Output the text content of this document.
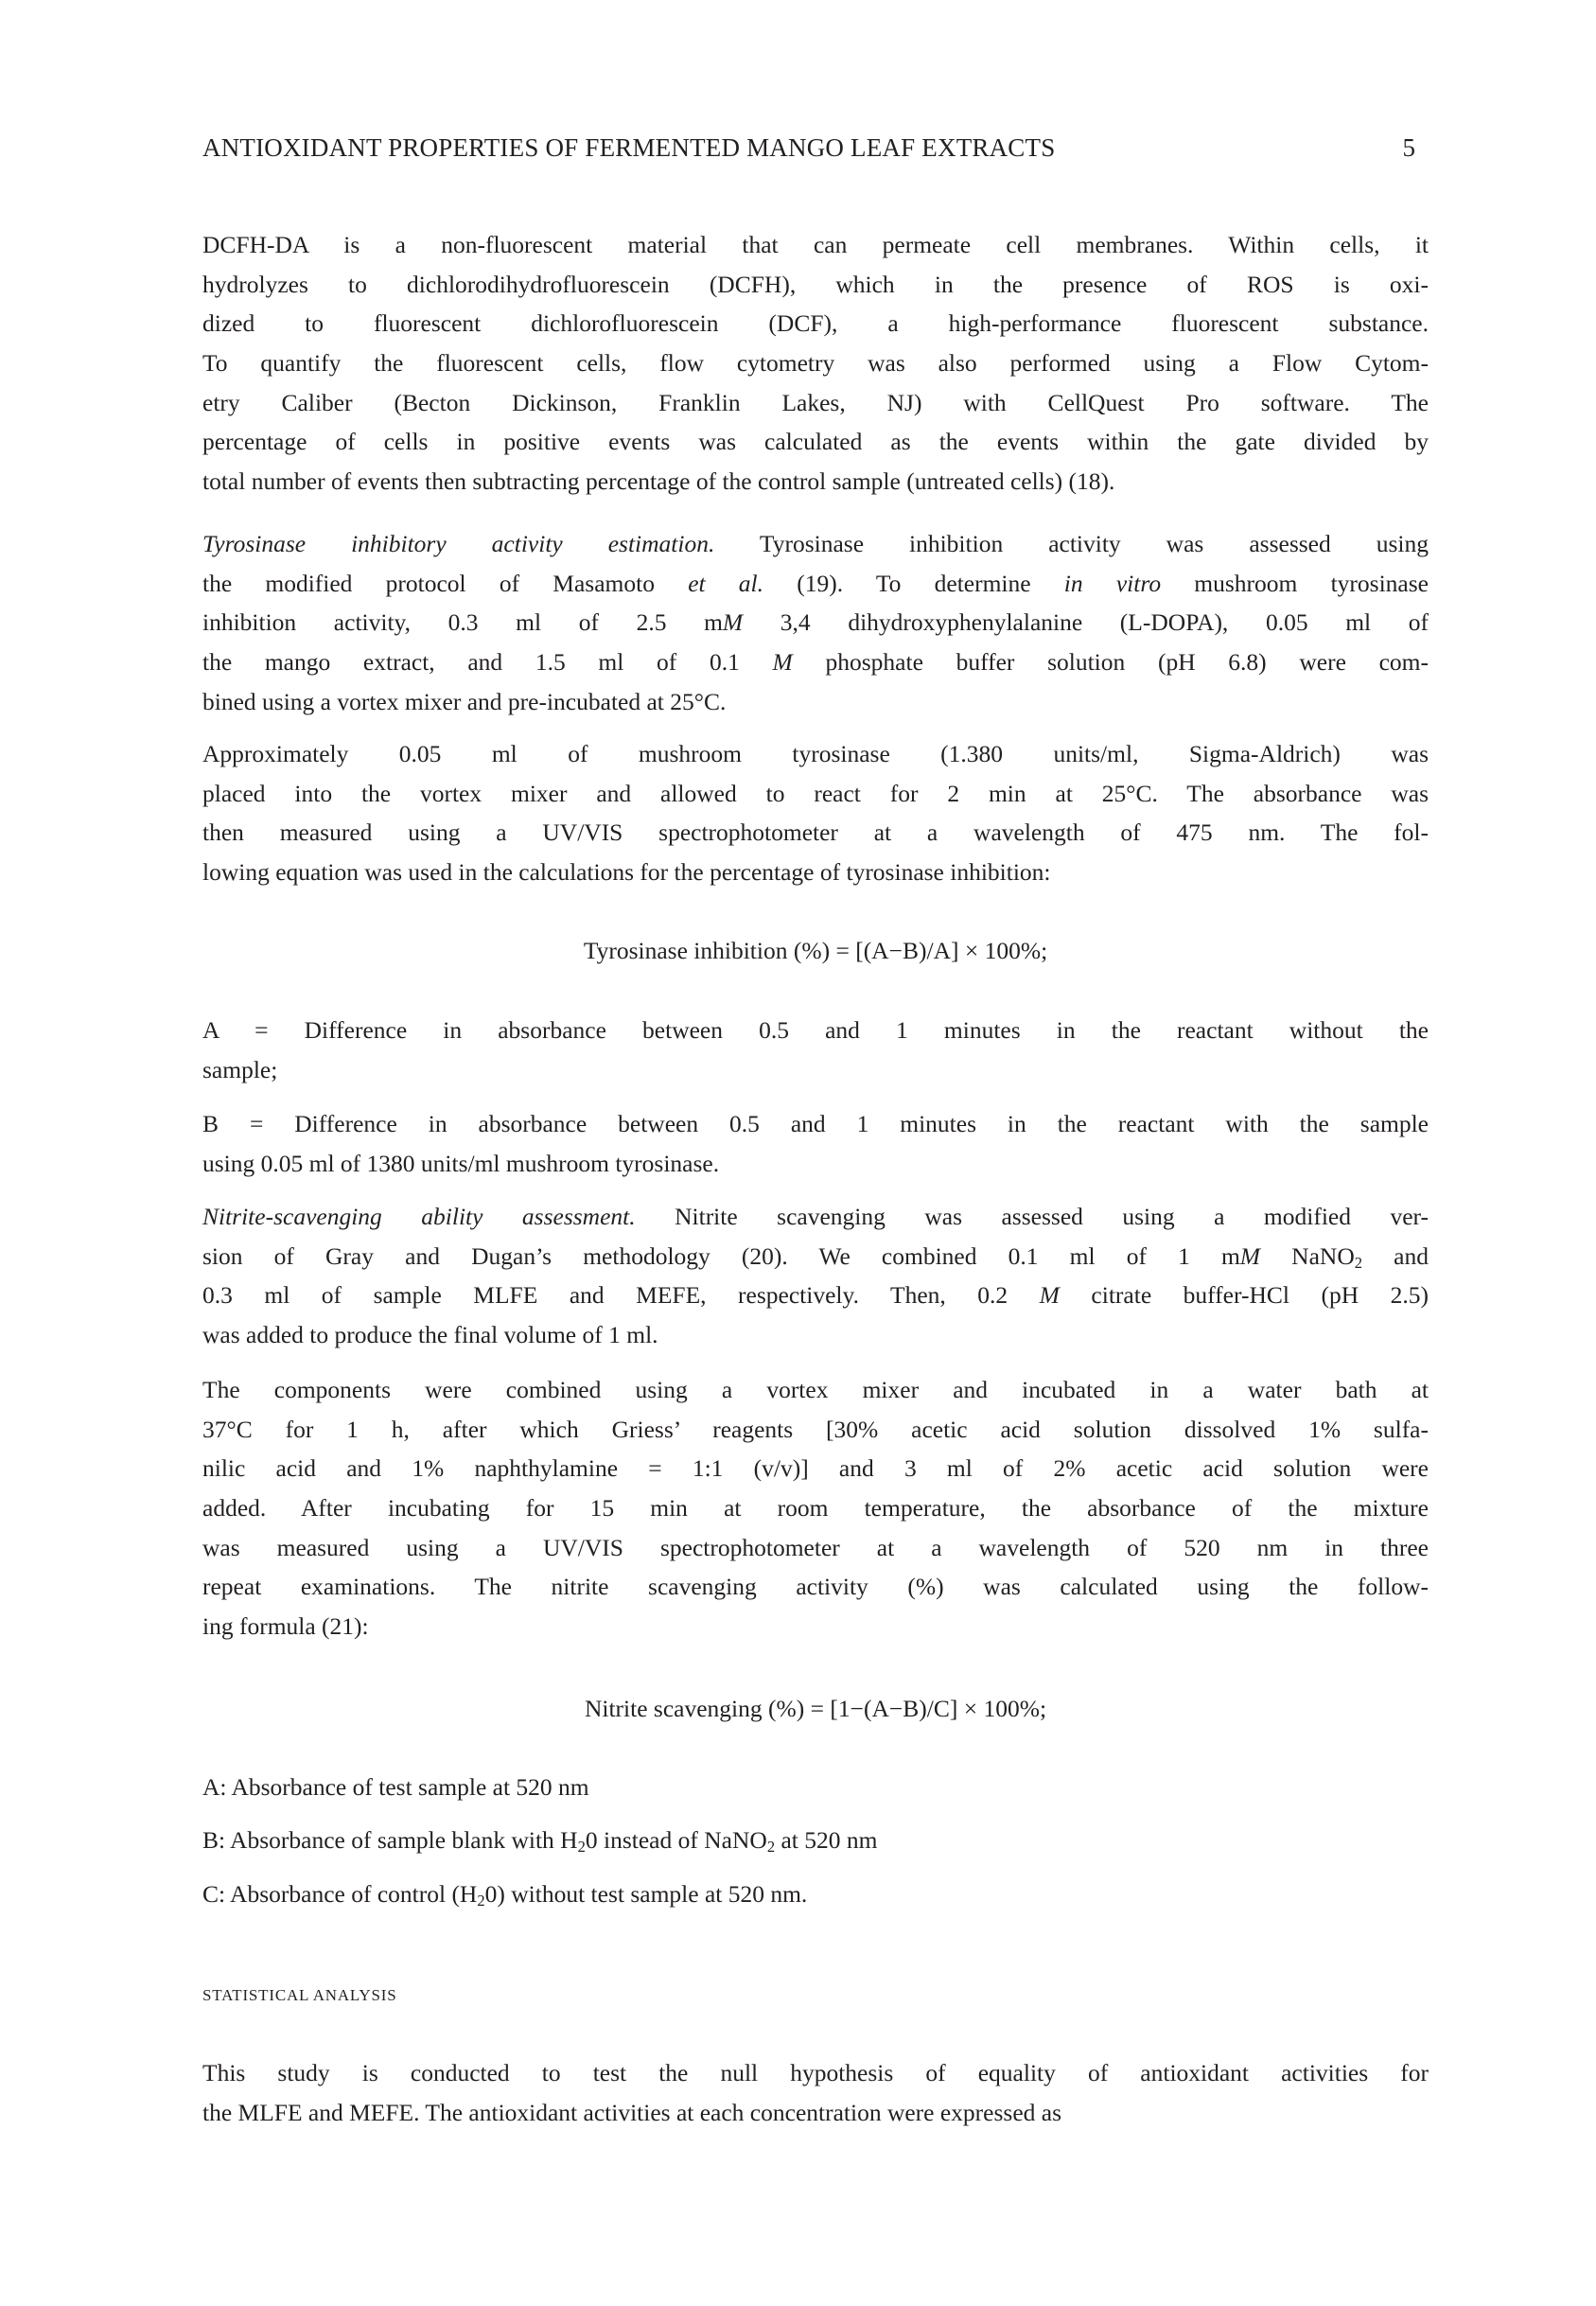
ANTIOXIDANT PROPERTIES OF FERMENTED MANGO LEAF EXTRACTS	5
DCFH-DA is a non-fluorescent material that can permeate cell membranes. Within cells, it
hydrolyzes to dichlorodihydrofluorescein (DCFH), which in the presence of ROS is oxi-
dized to fluorescent dichlorofluorescein (DCF), a high-performance fluorescent substance.
To quantify the fluorescent cells, flow cytometry was also performed using a Flow Cytom-
etry Caliber (Becton Dickinson, Franklin Lakes, NJ) with CellQuest Pro software. The
percentage of cells in positive events was calculated as the events within the gate divided by
total number of events then subtracting percentage of the control sample (untreated cells) (18).
Tyrosinase inhibitory activity estimation. Tyrosinase inhibition activity was assessed using
the modified protocol of Masamoto et al. (19). To determine in vitro mushroom tyrosinase
inhibition activity, 0.3 ml of 2.5 mM 3,4 dihydroxyphenylalanine (L-DOPA), 0.05 ml of
the mango extract, and 1.5 ml of 0.1 M phosphate buffer solution (pH 6.8) were com-
bined using a vortex mixer and pre-incubated at 25°C.
Approximately 0.05 ml of mushroom tyrosinase (1.380 units/ml, Sigma-Aldrich) was
placed into the vortex mixer and allowed to react for 2 min at 25°C. The absorbance was
then measured using a UV/VIS spectrophotometer at a wavelength of 475 nm. The fol-
lowing equation was used in the calculations for the percentage of tyrosinase inhibition:
Tyrosinase inhibition (%) = [(A−B)/A] × 100%;
A = Difference in absorbance between 0.5 and 1 minutes in the reactant without the
sample;
B = Difference in absorbance between 0.5 and 1 minutes in the reactant with the sample
using 0.05 ml of 1380 units/ml mushroom tyrosinase.
Nitrite-scavenging ability assessment. Nitrite scavenging was assessed using a modified ver-
sion of Gray and Dugan’s methodology (20). We combined 0.1 ml of 1 mM NaNO$_2$ and
0.3 ml of sample MLFE and MEFE, respectively. Then, 0.2 M citrate buffer-HCl (pH 2.5)
was added to produce the final volume of 1 ml.
The components were combined using a vortex mixer and incubated in a water bath at
37°C for 1 h, after which Griess’ reagents [30% acetic acid solution dissolved 1% sulfa-
nilic acid and 1% naphthylamine = 1:1 (v/v)] and 3 ml of 2% acetic acid solution were
added. After incubating for 15 min at room temperature, the absorbance of the mixture
was measured using a UV/VIS spectrophotometer at a wavelength of 520 nm in three
repeat examinations. The nitrite scavenging activity (%) was calculated using the follow-
ing formula (21):
Nitrite scavenging (%) = [1−(A−B)/C] × 100%;
A: Absorbance of test sample at 520 nm
B: Absorbance of sample blank with $H_20$ instead of NaNO$_2$ at 520 nm
C: Absorbance of control $(H_20)$ without test sample at 520 nm.
STATISTICAL ANALYSIS
This study is conducted to test the null hypothesis of equality of antioxidant activities for
the MLFE and MEFE. The antioxidant activities at each concentration were expressed as
